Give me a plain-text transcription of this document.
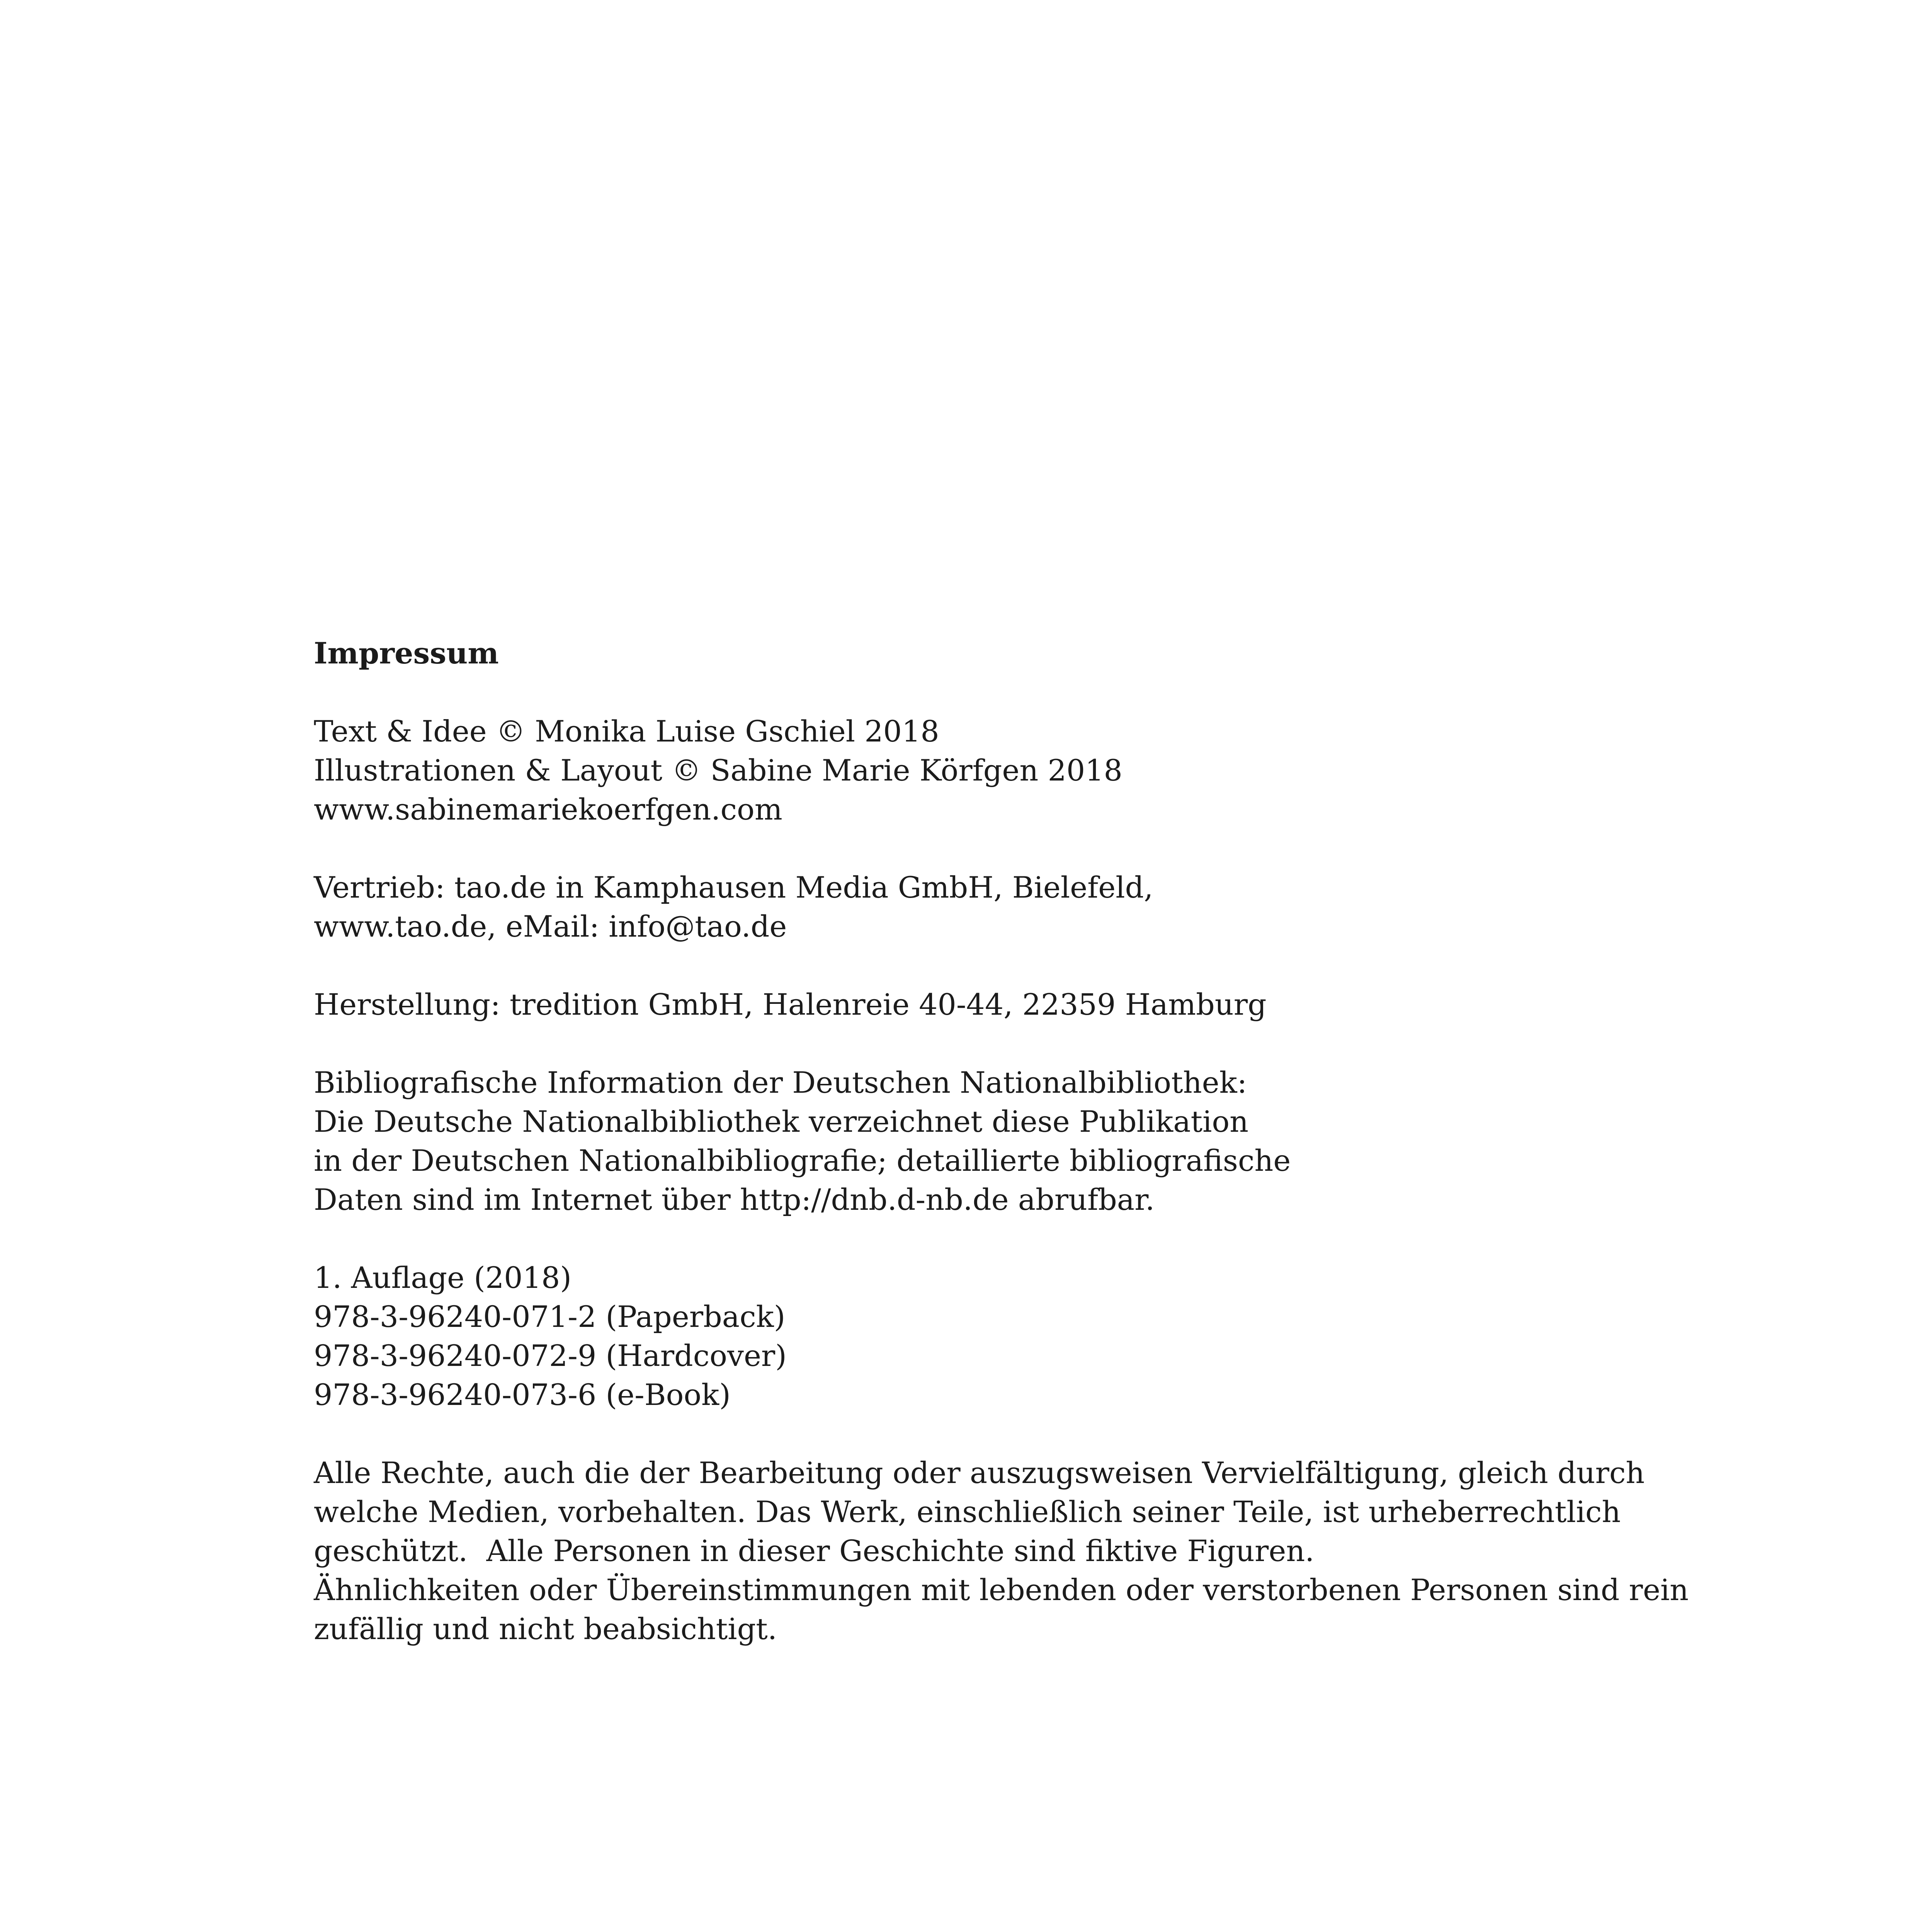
Impressum

Text & Idee © Monika Luise Gschiel 2018
Illustrationen & Layout © Sabine Marie Körfgen 2018
www.sabinemariekoerfgen.com

Vertrieb: tao.de in Kamphausen Media GmbH, Bielefeld,
www.tao.de, eMail: info@tao.de

Herstellung: tredition GmbH, Halenreie 40-44, 22359 Hamburg

Bibliografische Information der Deutschen Nationalbibliothek:
Die Deutsche Nationalbibliothek verzeichnet diese Publikation
in der Deutschen Nationalbibliografie; detaillierte bibliografische
Daten sind im Internet über http://dnb.d-nb.de abrufbar.

1. Auflage (2018)
978-3-96240-071-2 (Paperback)
978-3-96240-072-9 (Hardcover)
978-3-96240-073-6 (e-Book)

Alle Rechte, auch die der Bearbeitung oder auszugsweisen Vervielfältigung, gleich durch
welche Medien, vorbehalten. Das Werk, einschließlich seiner Teile, ist urheberrechtlich
geschützt.  Alle Personen in dieser Geschichte sind fiktive Figuren.
Ähnlichkeiten oder Übereinstimmungen mit lebenden oder verstorbenen Personen sind rein
zufällig und nicht beabsichtigt.
